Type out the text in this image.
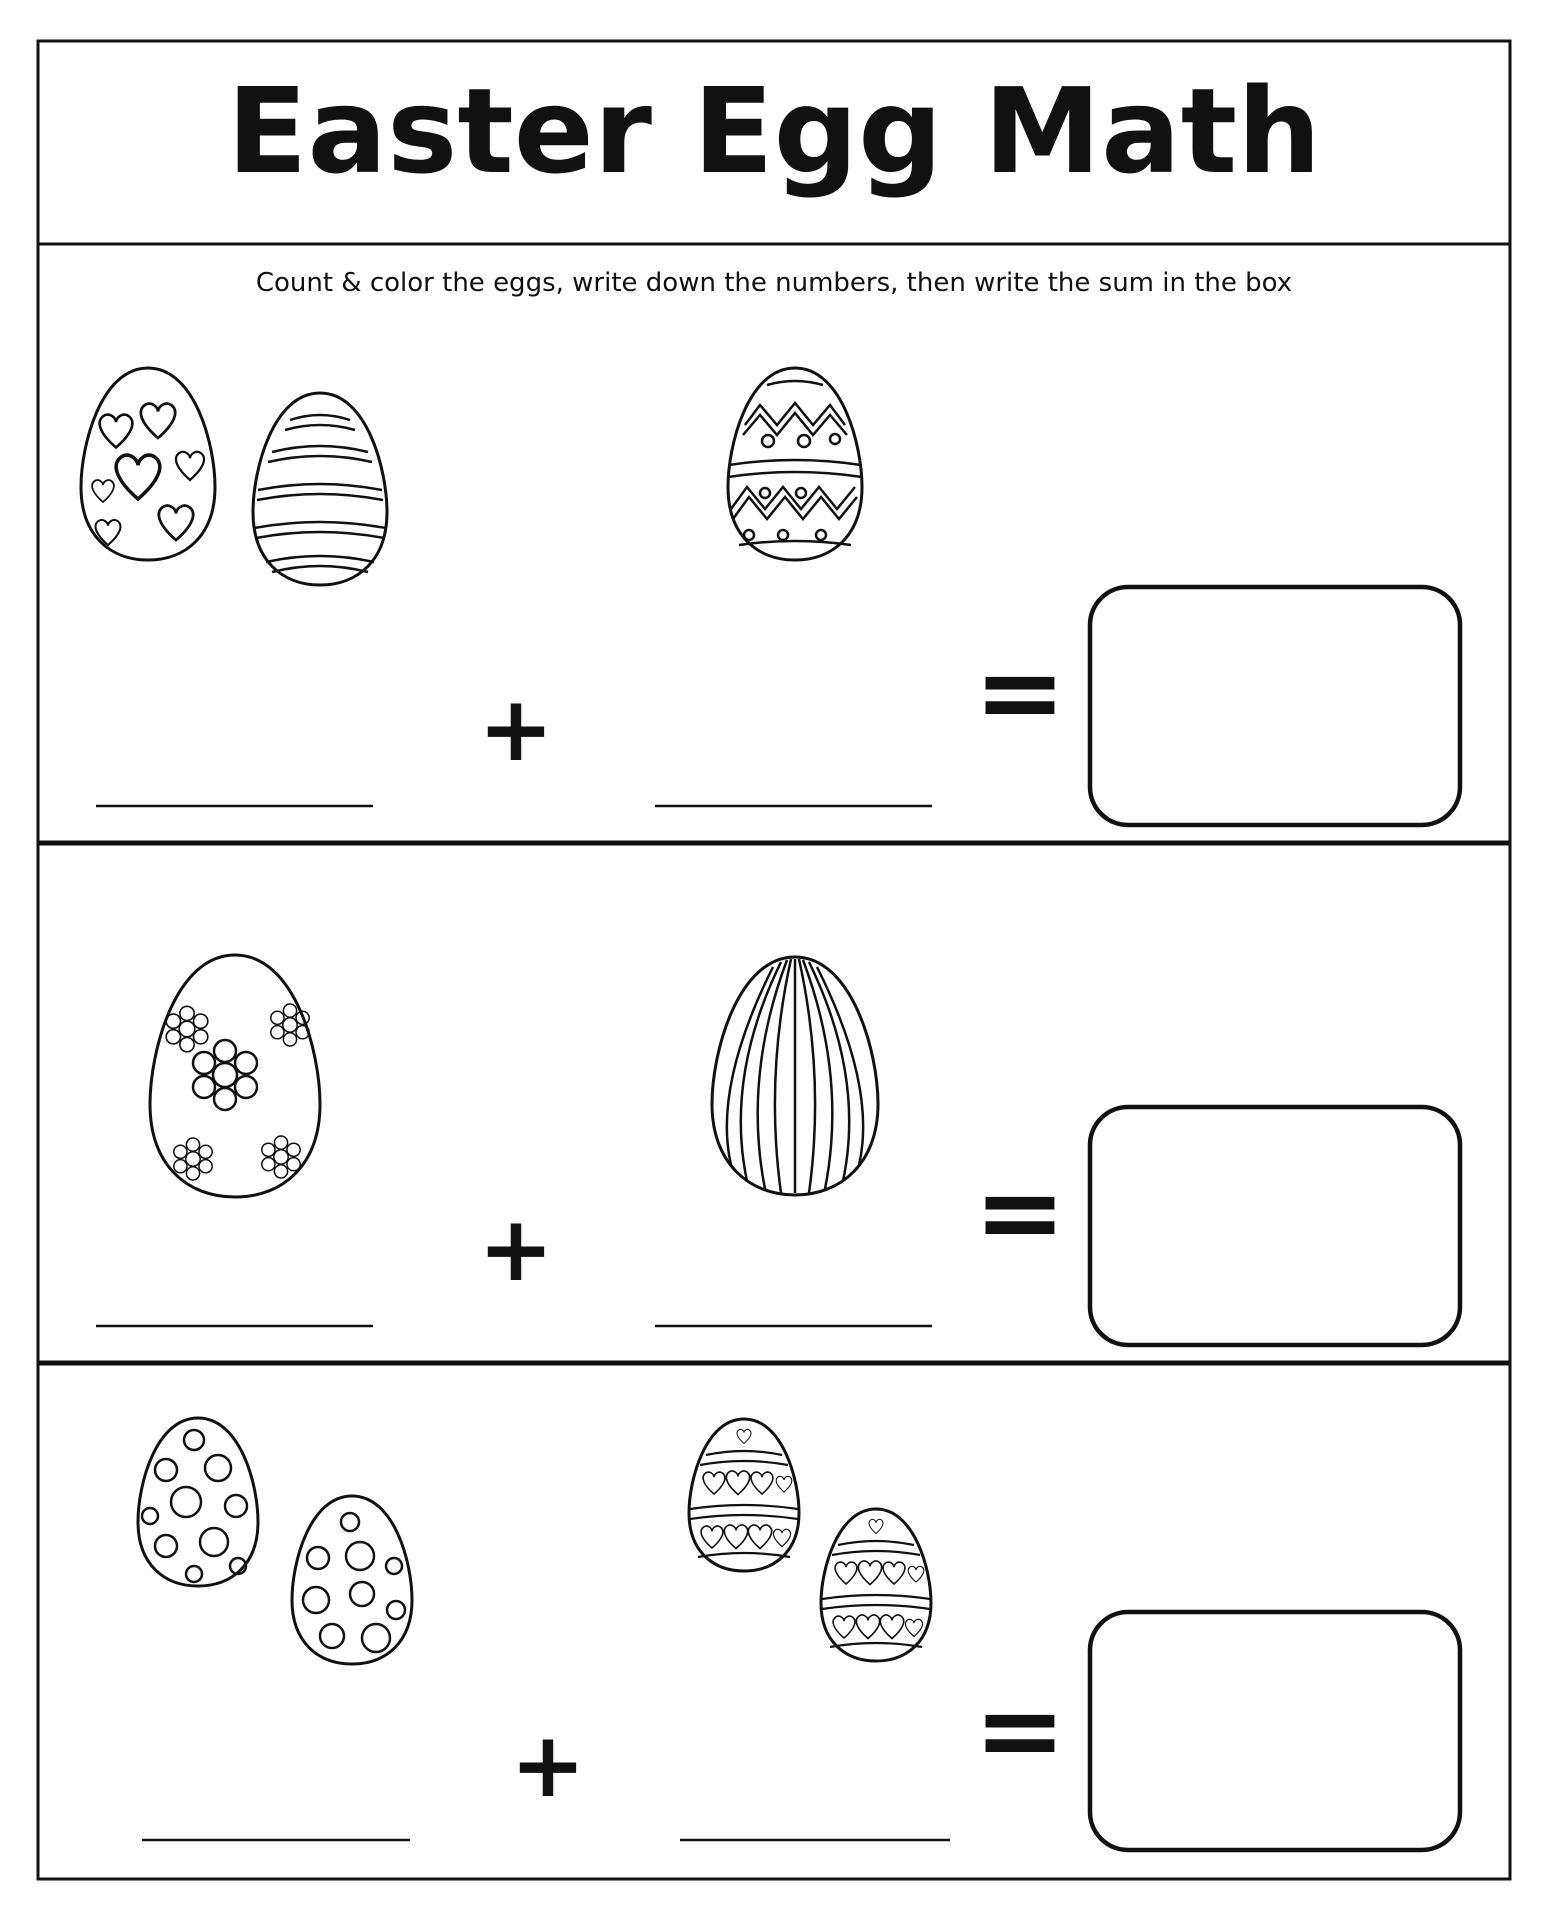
Easter Egg Math
Count & color the eggs, write down the numbers, then write the sum in the box
+	=
+	=
+	=
